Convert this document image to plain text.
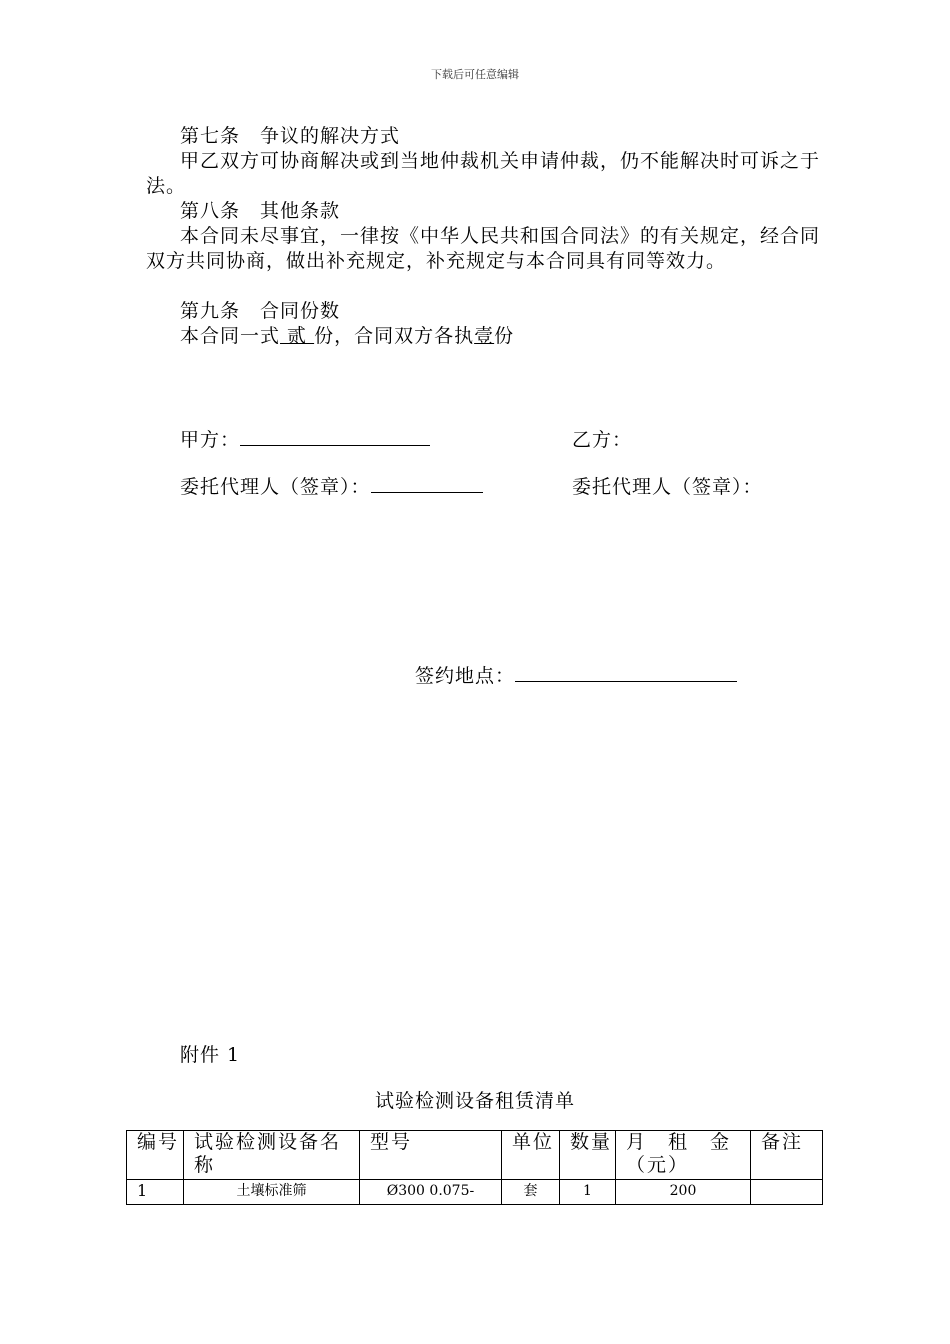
下载后可任意编辑

第七条　争议的解决方式

甲乙双方可协商解决或到当地仲裁机关申请仲裁，仍不能解决时可诉之于法。

第八条　其他条款

本合同未尽事宜，一律按《中华人民共和国合同法》的有关规定，经合同双方共同协商，做出补充规定，补充规定与本合同具有同等效力。

第九条　合同份数

本合同一式 贰 份，合同双方各执壹份

甲方：	乙方：
委托代理人（签章）：	委托代理人（签章）：
签约地点：
附件 1
试验检测设备租赁清单
编号	试验检测设备名称	型号	单位	数量	月　租　金（元）	备注
1	土壤标准筛	Ø300 0.075-	套	1	200	
